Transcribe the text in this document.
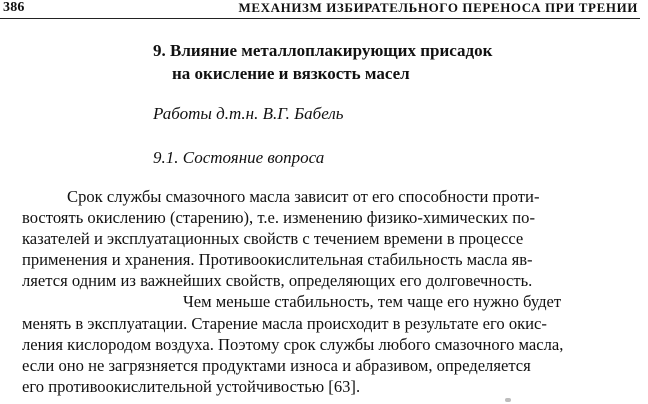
386	МЕХАНИЗМ ИЗБИРАТЕЛЬНОГО ПЕРЕНОСА ПРИ ТРЕНИИ
9. Влияние металлоплакирующих присадок
на окисление и вязкость масел
Работы д.т.н. В.Г. Бабель
9.1. Состояние вопроса
Срок службы смазочного масла зависит от его способности проти-
востоять окислению (старению), т.е. изменению физико-химических по-
казателей и эксплуатационных свойств с течением времени в процессе
применения и хранения. Противоокислительная стабильность масла яв-
ляется одним из важнейших свойств, определяющих его долговечность.
Чем меньше стабильность, тем чаще его нужно будет
менять в эксплуатации. Старение масла происходит в результате его окис-
ления кислородом воздуха. Поэтому срок службы любого смазочного масла,
если оно не загрязняется продуктами износа и абразивом, определяется
его противоокислительной устойчивостью [63].
